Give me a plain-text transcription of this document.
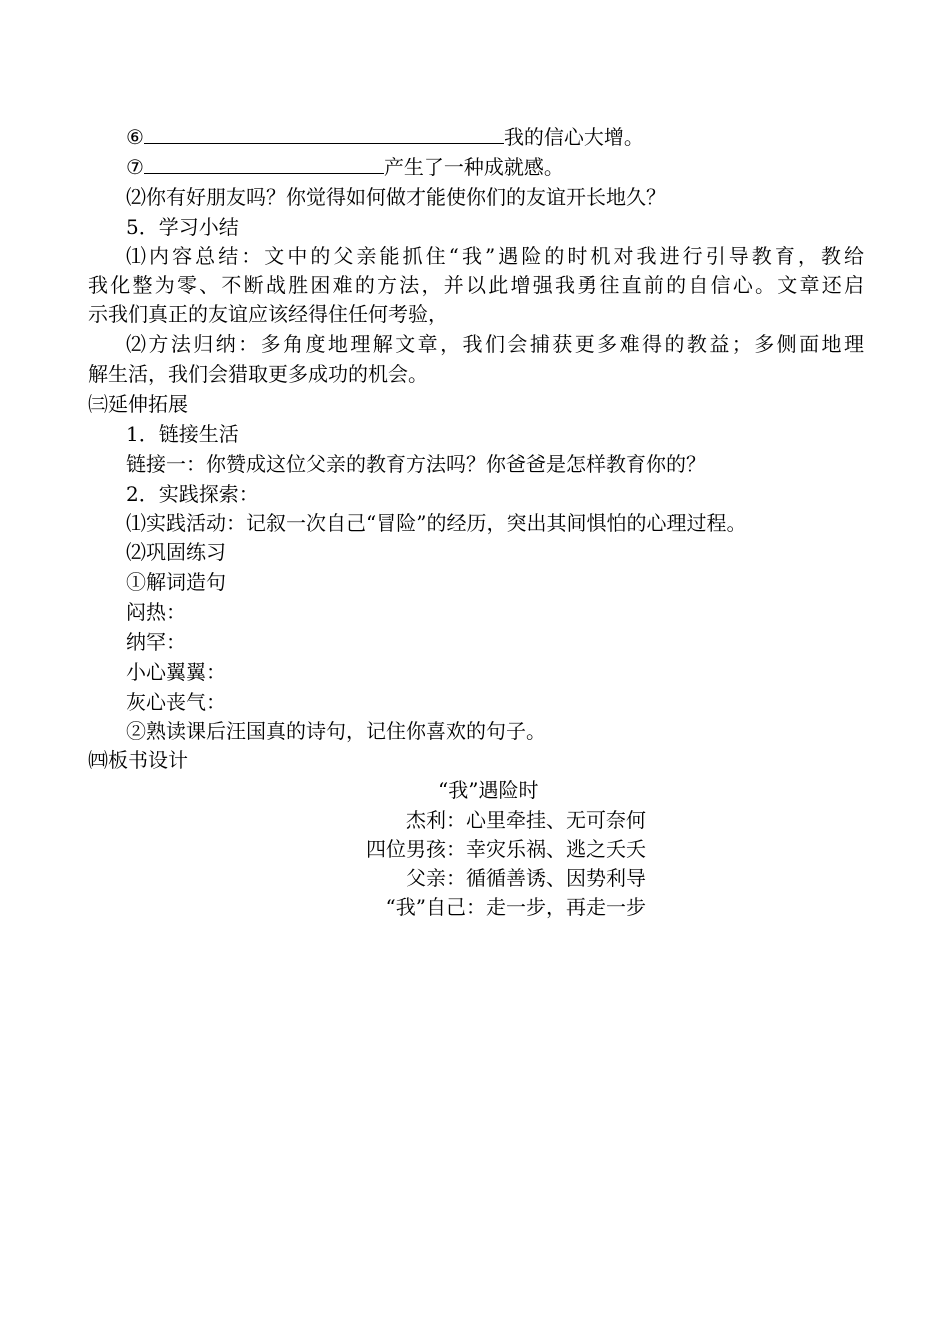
⑥	我的信心大增。
⑦	产生了一种成就感。
⑵你有好朋友吗？你觉得如何做才能使你们的友谊开长地久？
5．学习小结
⑴内容总结：文中的父亲能抓住“我”遇险的时机对我进行引导教育，教给
我化整为零、不断战胜困难的方法，并以此增强我勇往直前的自信心。文章还启
示我们真正的友谊应该经得住任何考验，
⑵方法归纳：多角度地理解文章，我们会捕获更多难得的教益；多侧面地理
解生活，我们会猎取更多成功的机会。
㈢延伸拓展
1．链接生活
链接一：你赞成这位父亲的教育方法吗？你爸爸是怎样教育你的？
2．实践探索：
⑴实践活动：记叙一次自己“冒险”的经历，突出其间惧怕的心理过程。
⑵巩固练习
①解词造句
闷热：
纳罕：
小心翼翼：
灰心丧气：
②熟读课后汪国真的诗句，记住你喜欢的句子。
㈣板书设计
“我”遇险时
杰利：心里牵挂、无可奈何
四位男孩：幸灾乐祸、逃之夭夭
父亲：循循善诱、因势利导
“我”自己：走一步，再走一步
